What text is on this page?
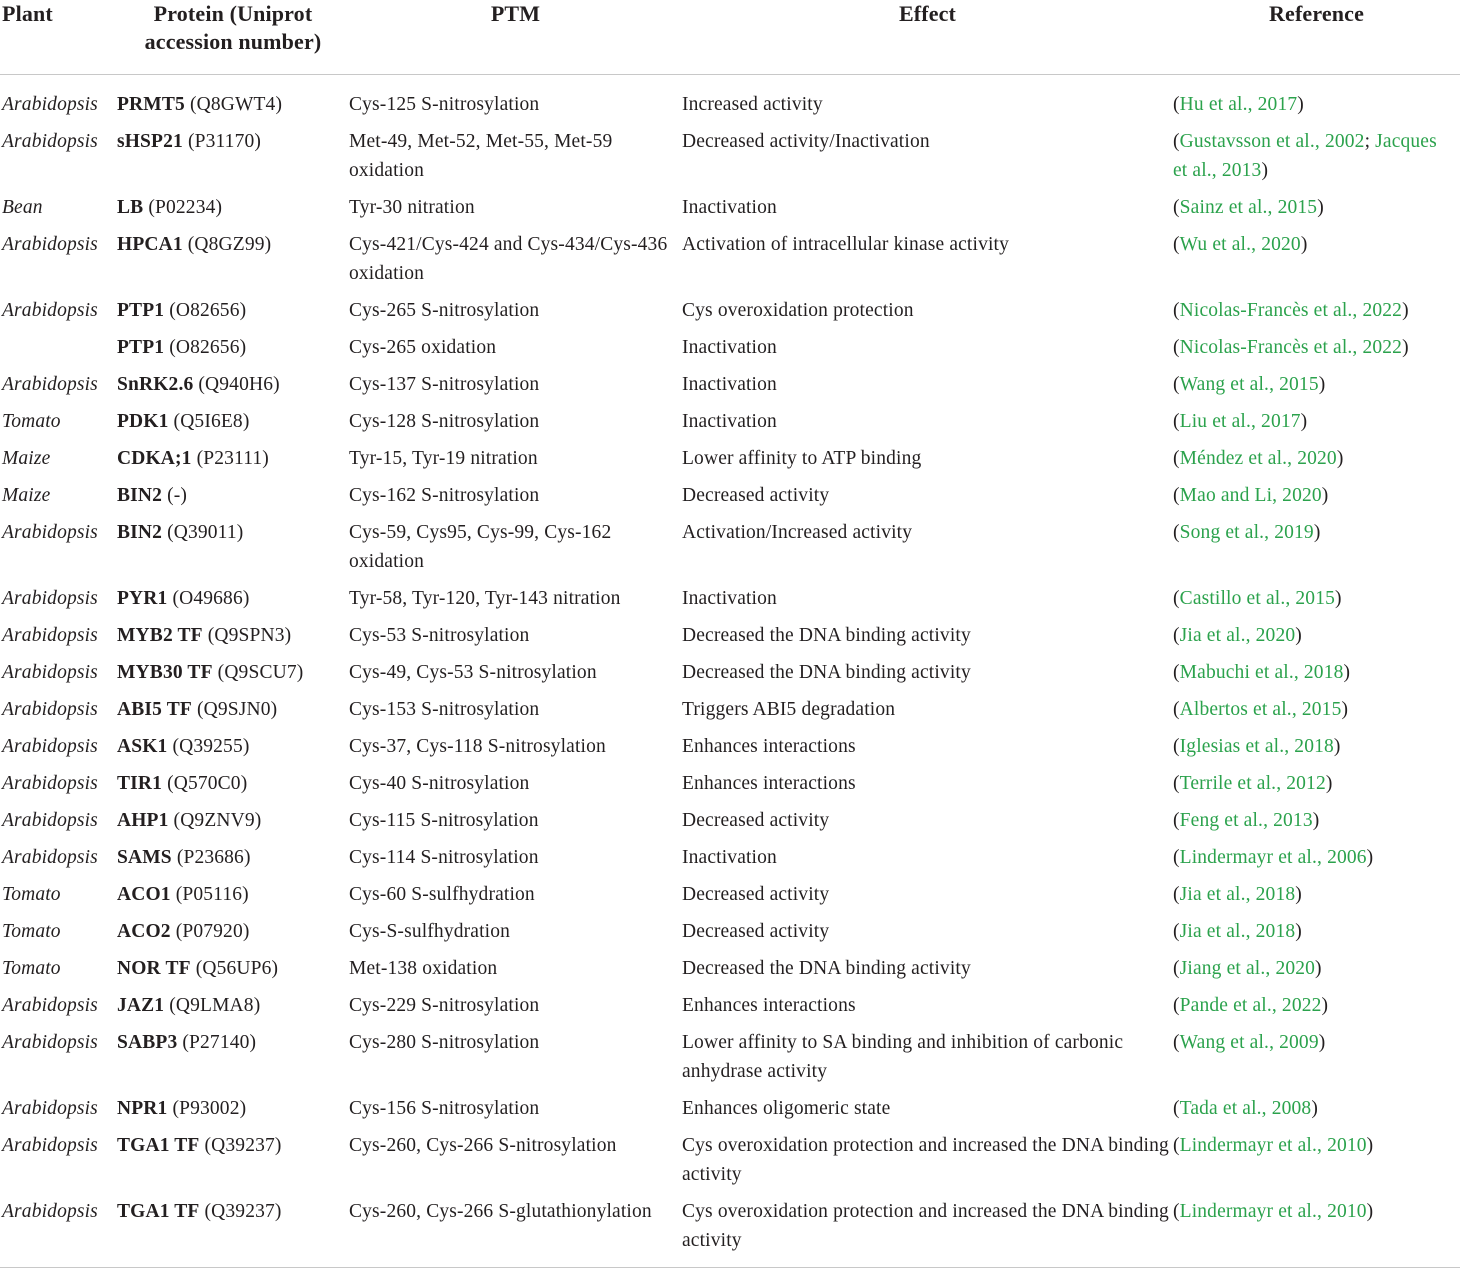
Plant	Protein (Uniprot
accession number)	PTM	Effect	Reference
Arabidopsis	PRMT5 (Q8GWT4)	Cys-125 S-nitrosylation	Increased activity	(Hu et al., 2017)
Arabidopsis	sHSP21 (P31170)	Met-49, Met-52, Met-55, Met-59 oxidation	Decreased activity/Inactivation	(Gustavsson et al., 2002; Jacques et al., 2013)
Bean	LB (P02234)	Tyr-30 nitration	Inactivation	(Sainz et al., 2015)
Arabidopsis	HPCA1 (Q8GZ99)	Cys-421/Cys-424 and Cys-434/Cys-436 oxidation	Activation of intracellular kinase activity	(Wu et al., 2020)
Arabidopsis	PTP1 (O82656)	Cys-265 S-nitrosylation	Cys overoxidation protection	(Nicolas-Francès et al., 2022)
	PTP1 (O82656)	Cys-265 oxidation	Inactivation	(Nicolas-Francès et al., 2022)
Arabidopsis	SnRK2.6 (Q940H6)	Cys-137 S-nitrosylation	Inactivation	(Wang et al., 2015)
Tomato	PDK1 (Q5I6E8)	Cys-128 S-nitrosylation	Inactivation	(Liu et al., 2017)
Maize	CDKA;1 (P23111)	Tyr-15, Tyr-19 nitration	Lower affinity to ATP binding	(Méndez et al., 2020)
Maize	BIN2 (-)	Cys-162 S-nitrosylation	Decreased activity	(Mao and Li, 2020)
Arabidopsis	BIN2 (Q39011)	Cys-59, Cys95, Cys-99, Cys-162 oxidation	Activation/Increased activity	(Song et al., 2019)
Arabidopsis	PYR1 (O49686)	Tyr-58, Tyr-120, Tyr-143 nitration	Inactivation	(Castillo et al., 2015)
Arabidopsis	MYB2 TF (Q9SPN3)	Cys-53 S-nitrosylation	Decreased the DNA binding activity	(Jia et al., 2020)
Arabidopsis	MYB30 TF (Q9SCU7)	Cys-49, Cys-53 S-nitrosylation	Decreased the DNA binding activity	(Mabuchi et al., 2018)
Arabidopsis	ABI5 TF (Q9SJN0)	Cys-153 S-nitrosylation	Triggers ABI5 degradation	(Albertos et al., 2015)
Arabidopsis	ASK1 (Q39255)	Cys-37, Cys-118 S-nitrosylation	Enhances interactions	(Iglesias et al., 2018)
Arabidopsis	TIR1 (Q570C0)	Cys-40 S-nitrosylation	Enhances interactions	(Terrile et al., 2012)
Arabidopsis	AHP1 (Q9ZNV9)	Cys-115 S-nitrosylation	Decreased activity	(Feng et al., 2013)
Arabidopsis	SAMS (P23686)	Cys-114 S-nitrosylation	Inactivation	(Lindermayr et al., 2006)
Tomato	ACO1 (P05116)	Cys-60 S-sulfhydration	Decreased activity	(Jia et al., 2018)
Tomato	ACO2 (P07920)	Cys-S-sulfhydration	Decreased activity	(Jia et al., 2018)
Tomato	NOR TF (Q56UP6)	Met-138 oxidation	Decreased the DNA binding activity	(Jiang et al., 2020)
Arabidopsis	JAZ1 (Q9LMA8)	Cys-229 S-nitrosylation	Enhances interactions	(Pande et al., 2022)
Arabidopsis	SABP3 (P27140)	Cys-280 S-nitrosylation	Lower affinity to SA binding and inhibition of carbonic anhydrase activity	(Wang et al., 2009)
Arabidopsis	NPR1 (P93002)	Cys-156 S-nitrosylation	Enhances oligomeric state	(Tada et al., 2008)
Arabidopsis	TGA1 TF (Q39237)	Cys-260, Cys-266 S-nitrosylation	Cys overoxidation protection and increased the DNA binding activity	(Lindermayr et al., 2010)
Arabidopsis	TGA1 TF (Q39237)	Cys-260, Cys-266 S-glutathionylation	Cys overoxidation protection and increased the DNA binding activity	(Lindermayr et al., 2010)
